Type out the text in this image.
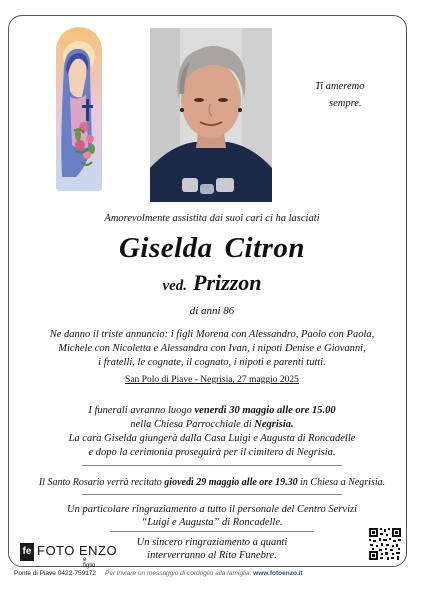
Ti ameremo
sempre.
Amorevolmente assistita dai suoi cari ci ha lasciati
Giselda Citron
ved. Prizzon
di anni 86
Ne danno il triste annuncio: i figli Morena con Alessandro, Paolo con Paola,
Michele con Nicoletta e Alessandra con Ivan, i nipoti Denise e Giovanni,
i fratelli, le cognate, il cognato, i nipoti e parenti tutti.
San Polo di Piave - Negrisia, 27 maggio 2025
I funerali avranno luogo venerdì 30 maggio alle ore 15.00
nella Chiesa Parrocchiale di Negrisia.
La cara Giselda giungerà dalla Casa Luigi e Augusta di Roncadelle
e dopo la cerimonia proseguirà per il cimitero di Negrisia.
Il Santo Rosario verrà recitato giovedì 29 maggio alle ore 19.30 in Chiesa a Negrisia.
Un particolare ringraziamento a tutto il personale del Centro Servizi
“Luigi e Augusta” di Roncadelle.
Un sincero ringraziamento a quanti
interverranno al Rito Funebre.
fe FOTO ENZO
e figlio
Ponte di Piave 0422-759172 Per inviare un messaggio di cordoglio alla famiglia: www.fotoenzo.it
